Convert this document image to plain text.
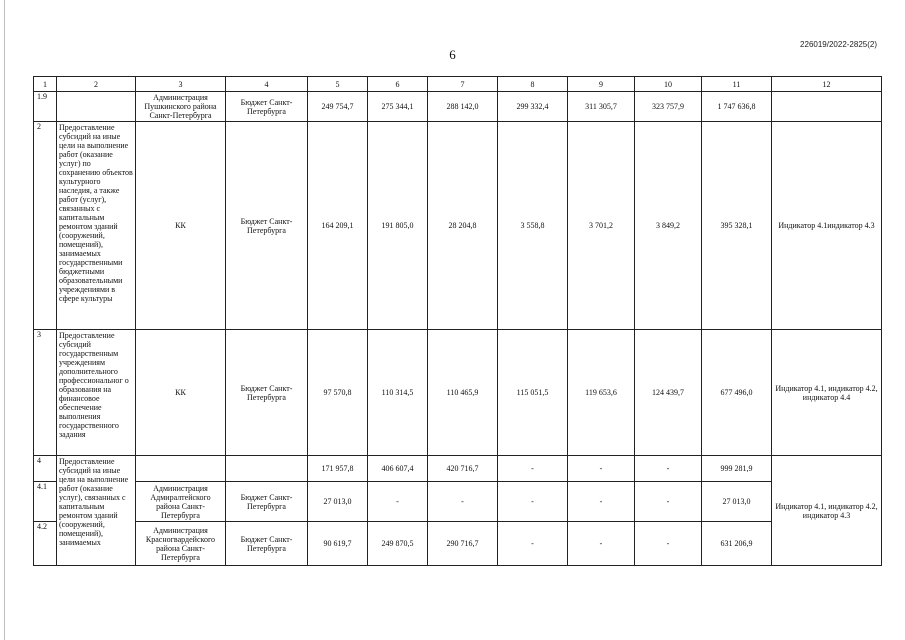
226019/2022-2825(2)
6
1	2	3	4	5	6	7	8	9	10	11	12
1.9		Администрация Пушкинского района Санкт-Петербурга	Бюджет Санкт-Петербурга	249 754,7	275 344,1	288 142,0	299 332,4	311 305,7	323 757,9	1 747 636,8	
2	Предоставление субсидий на иные цели на выполнение работ (оказание услуг) по сохранению объектов культурного наследия, а также работ (услуг), связанных с капитальным ремонтом зданий (сооружений, помещений), занимаемых государственными бюджетными образовательными учреждениями в сфере культуры	КК	Бюджет Санкт-Петербурга	164 209,1	191 805,0	28 204,8	3 558,8	3 701,2	3 849,2	395 328,1	Индикатор 4.1индикатор 4.3
3	Предоставление субсидий государственным учреждениям дополнительного профессиональног о образования на финансовое обеспечение выполнения государственного задания	КК	Бюджет Санкт-Петербурга	97 570,8	110 314,5	110 465,9	115 051,5	119 653,6	124 439,7	677 496,0	Индикатор 4.1, индикатор 4.2, индикатор 4.4
4	Предоставление субсидий на иные цели на выполнение работ (оказание услуг), связанных с капитальным ремонтом зданий (сооружений, помещений), занимаемых			171 957,8	406 607,4	420 716,7	-	-	-	999 281,9	Индикатор 4.1, индикатор 4.2, индикатор 4.3
4.1		Администрация Адмиралтейского района Санкт-Петербурга	Бюджет Санкт-Петербурга	27 013,0	-	-	-	-	-	27 013,0	
4.2		Администрация Красногвардейского района Санкт-Петербурга	Бюджет Санкт-Петербурга	90 619,7	249 870,5	290 716,7	-	-	-	631 206,9	
